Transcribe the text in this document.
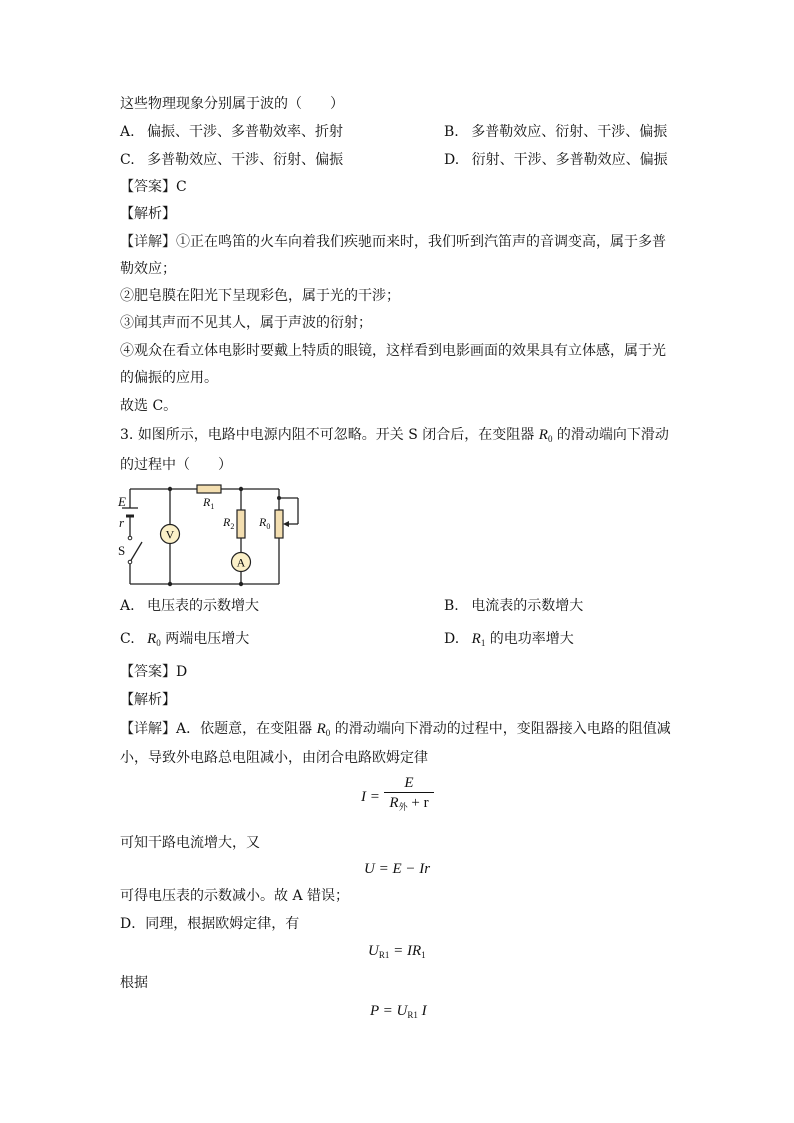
这些物理现象分别属于波的（　　）
A. 偏振、干涉、多普勒效率、折射	B. 多普勒效应、衍射、干涉、偏振
C. 多普勒效应、干涉、衍射、偏振	D. 衍射、干涉、多普勒效应、偏振
【答案】C
【解析】
【详解】①正在鸣笛的火车向着我们疾驰而来时，我们听到汽笛声的音调变高，属于多普
勒效应；
②肥皂膜在阳光下呈现彩色，属于光的干涉；
③闻其声而不见其人，属于声波的衍射；
④观众在看立体电影时要戴上特质的眼镜，这样看到电影画面的效果具有立体感，属于光
的偏振的应用。
故选 C。
3. 如图所示，电路中电源内阻不可忽略。开关 S 闭合后，在变阻器 $R_0$ 的滑动端向下滑动
的过程中（　　）
V
A
E
r
S
$R_1$
$R_2$ $R_0$
A. 电压表的示数增大	B. 电流表的示数增大
C. $R_0$ 两端电压增大	D. $R_1$ 的电功率增大
【答案】D
【解析】
【详解】A．依题意，在变阻器 $R_0$ 的滑动端向下滑动的过程中，变阻器接入电路的阻值减
小，导致外电路总电阻减小，由闭合电路欧姆定律
I =
E
$R_外 + r$
可知干路电流增大，又
U = E − Ir
可得电压表的示数减小。故 A 错误；
D．同理，根据欧姆定律，有
$U_{R1} = IR_1$
根据
$P = U_{R1}$ I
